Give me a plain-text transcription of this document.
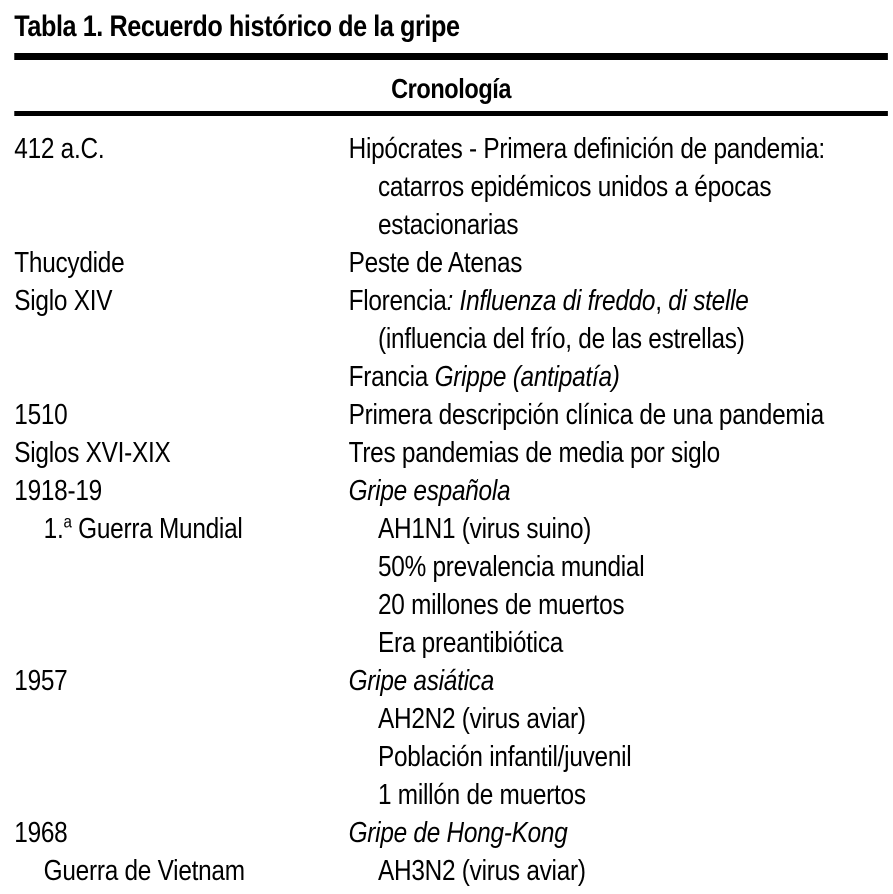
Tabla 1. Recuerdo histórico de la gripe
Cronología
412 a.C.	Hipócrates - Primera definición de pandemia:
catarros epidémicos unidos a épocas
estacionarias
Thucydide	Peste de Atenas
Siglo XIV	Florencia: Influenza di freddo, di stelle
(influencia del frío, de las estrellas)
Francia Grippe (antipatía)
1510	Primera descripción clínica de una pandemia
Siglos XVI-XIX	Tres pandemias de media por siglo
1918-19	Gripe española
1.$^a$ Guerra Mundial	AH1N1 (virus suino)
50% prevalencia mundial
20 millones de muertos
Era preantibiótica
1957	Gripe asiática
AH2N2 (virus aviar)
Población infantil/juvenil
1 millón de muertos
1968	Gripe de Hong-Kong
Guerra de Vietnam	AH3N2 (virus aviar)
